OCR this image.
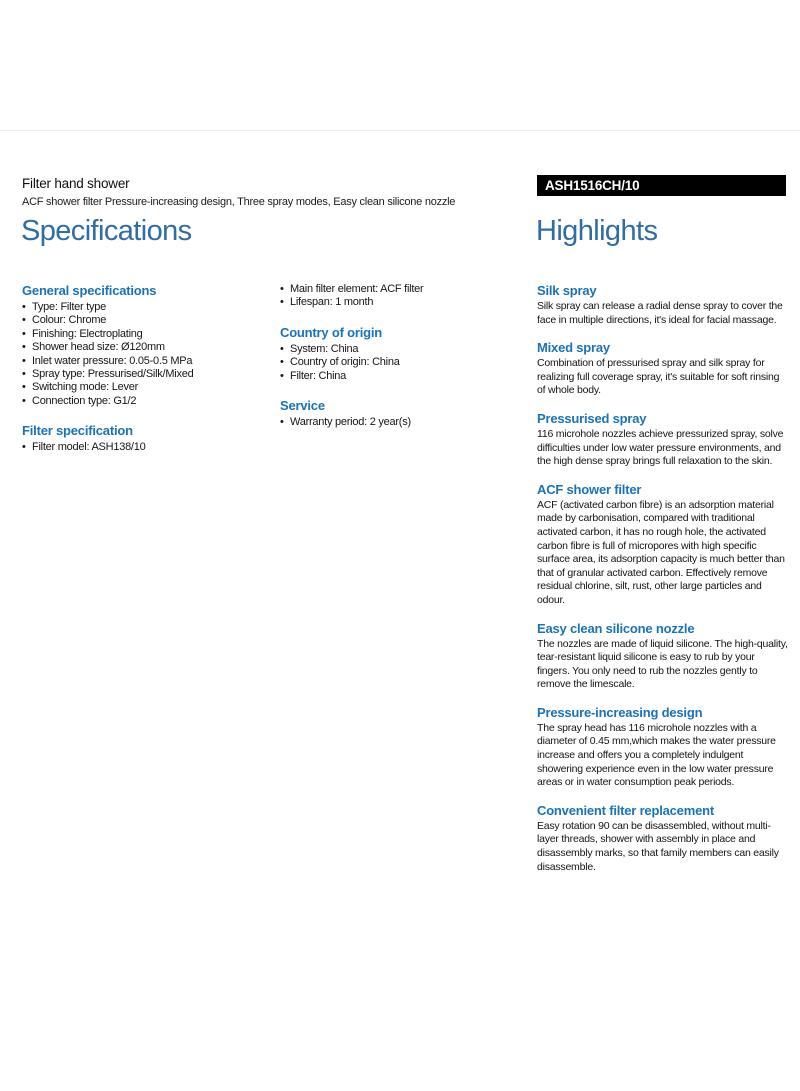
Filter hand shower
ACF shower filter Pressure-increasing design, Three spray modes, Easy clean silicone nozzle
ASH1516CH/10
Specifications	Highlights
General specifications
• Type: Filter type
• Colour: Chrome
• Finishing: Electroplating
• Shower head size: Ø120mm
• Inlet water pressure: 0.05-0.5 MPa
• Spray type: Pressurised/Silk/Mixed
• Switching mode: Lever
• Connection type: G1/2
Filter specification
• Filter model: ASH138/10
• Main filter element: ACF filter
• Lifespan: 1 month
Country of origin
• System: China
• Country of origin: China
• Filter: China
Service
• Warranty period: 2 year(s)
Silk spray
Silk spray can release a radial dense spray to cover the face in multiple directions, it's ideal for facial massage.
Mixed spray
Combination of pressurised spray and silk spray for realizing full coverage spray, it's suitable for soft rinsing of whole body.
Pressurised spray
116 microhole nozzles achieve pressurized spray, solve difficulties under low water pressure environments, and the high dense spray brings full relaxation to the skin.
ACF shower filter
ACF (activated carbon fibre) is an adsorption material made by carbonisation, compared with traditional activated carbon, it has no rough hole, the activated carbon fibre is full of micropores with high specific surface area, its adsorption capacity is much better than that of granular activated carbon. Effectively remove residual chlorine, silt, rust, other large particles and odour.
Easy clean silicone nozzle
The nozzles are made of liquid silicone. The high-quality, tear-resistant liquid silicone is easy to rub by your fingers. You only need to rub the nozzles gently to remove the limescale.
Pressure-increasing design
The spray head has 116 microhole nozzles with a diameter of 0.45 mm,which makes the water pressure increase and offers you a completely indulgent showering experience even in the low water pressure areas or in water consumption peak periods.
Convenient filter replacement
Easy rotation 90 can be disassembled, without multi-layer threads, shower with assembly in place and disassembly marks, so that family members can easily disassemble.
